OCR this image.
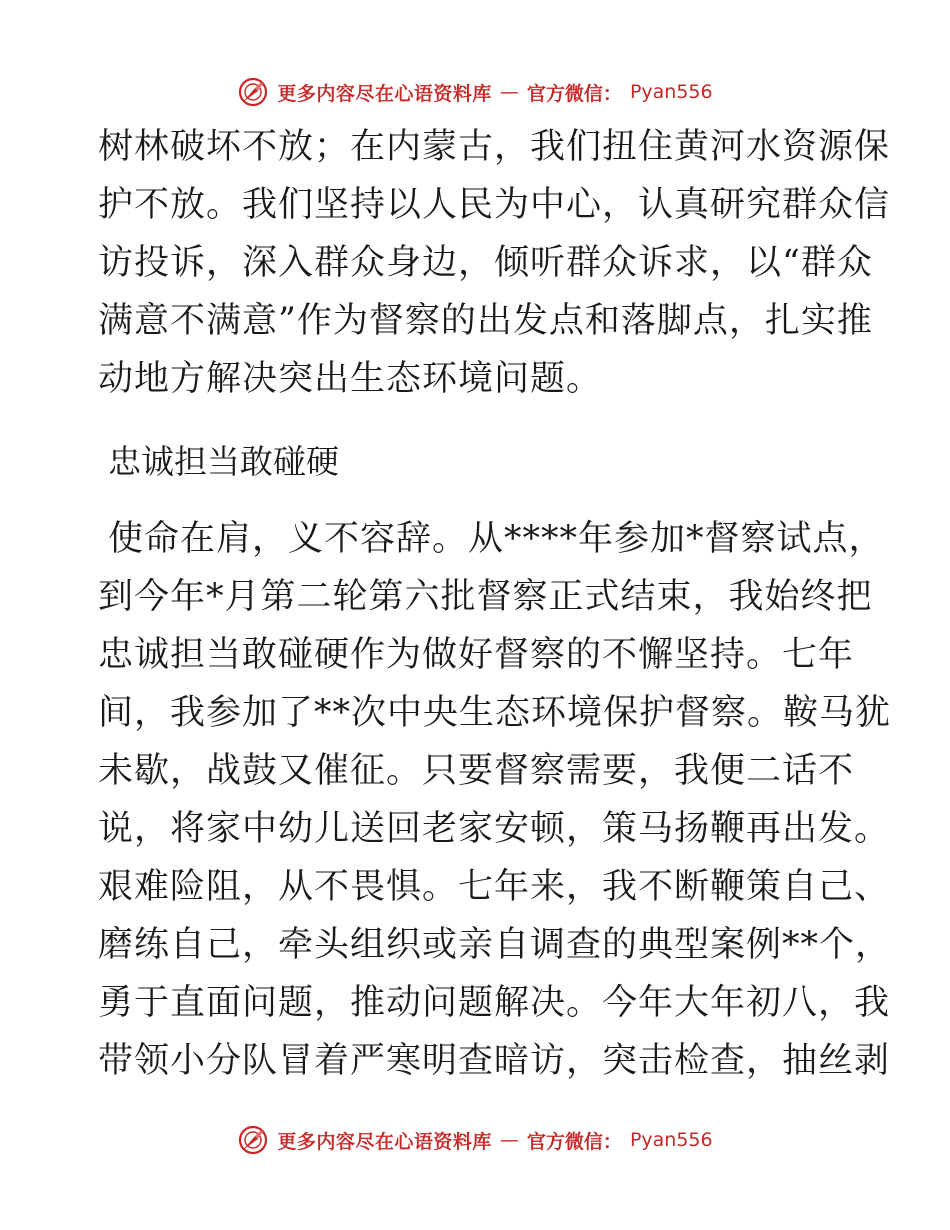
更多内容尽在心语资料库 — 官方微信： Pyan556
树林破坏不放；在内蒙古，我们扭住黄河水资源保
护不放。我们坚持以人民为中心，认真研究群众信
访投诉，深入群众身边，倾听群众诉求，以“群众
满意不满意”作为督察的出发点和落脚点，扎实推
动地方解决突出生态环境问题。
忠诚担当敢碰硬
使命在肩，义不容辞。从****年参加*督察试点，
到今年*月第二轮第六批督察正式结束，我始终把
忠诚担当敢碰硬作为做好督察的不懈坚持。七年
间，我参加了**次中央生态环境保护督察。鞍马犹
未歇，战鼓又催征。只要督察需要，我便二话不
说，将家中幼儿送回老家安顿，策马扬鞭再出发。
艰难险阻，从不畏惧。七年来，我不断鞭策自己、
磨练自己，牵头组织或亲自调查的典型案例**个，
勇于直面问题，推动问题解决。今年大年初八，我
带领小分队冒着严寒明查暗访，突击检查，抽丝剥
更多内容尽在心语资料库 — 官方微信： Pyan556
